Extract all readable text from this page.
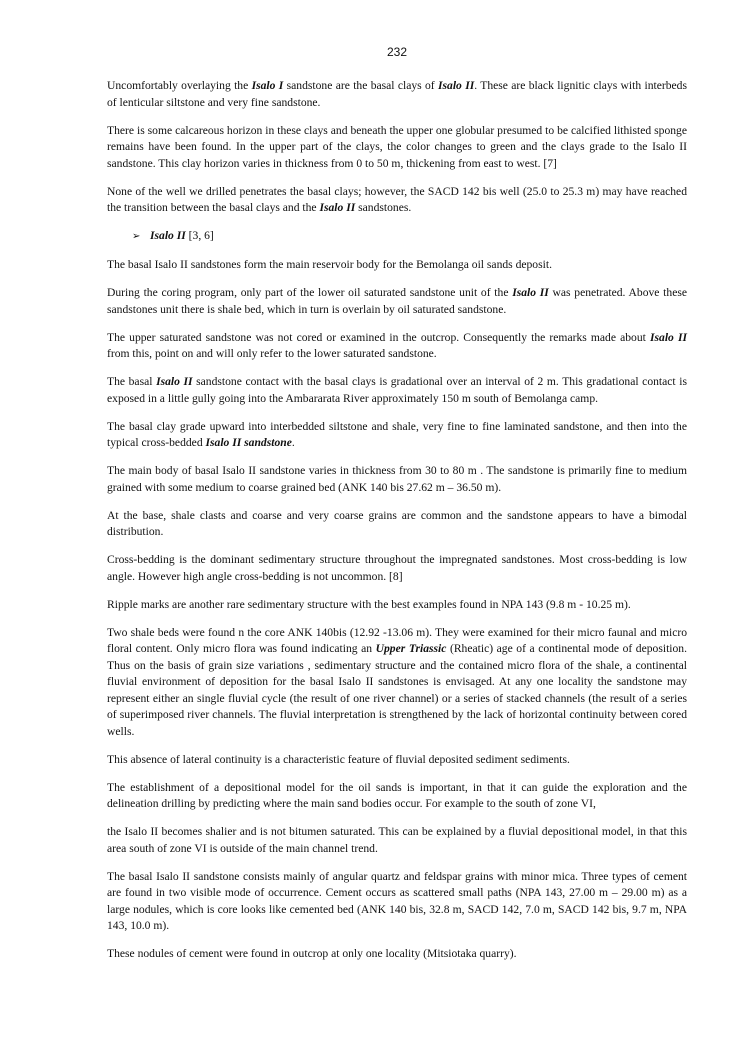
232

Uncomfortably overlaying the Isalo I sandstone are the basal clays of Isalo II. These are black lignitic clays with interbeds of lenticular siltstone and very fine sandstone.

There is some calcareous horizon in these clays and beneath the upper one globular presumed to be calcified lithisted sponge remains have been found. In the upper part of the clays, the color changes to green and the clays grade to the Isalo II sandstone. This clay horizon varies in thickness from 0 to 50 m, thickening from east to west. [7]

None of the well we drilled penetrates the basal clays; however, the SACD 142 bis well (25.0 to 25.3 m) may have reached the transition between the basal clays and the Isalo II sandstones.

➢ Isalo II [3, 6]

The basal Isalo II sandstones form the main reservoir body for the Bemolanga oil sands deposit.

During the coring program, only part of the lower oil saturated sandstone unit of the Isalo II was penetrated. Above these sandstones unit there is shale bed, which in turn is overlain by oil saturated sandstone.

The upper saturated sandstone was not cored or examined in the outcrop. Consequently the remarks made about Isalo II from this, point on and will only refer to the lower saturated sandstone.

The basal Isalo II sandstone contact with the basal clays is gradational over an interval of 2 m. This gradational contact is exposed in a little gully going into the Ambararata River approximately 150 m south of Bemolanga camp.

The basal clay grade upward into interbedded siltstone and shale, very fine to fine laminated sandstone, and then into the typical cross-bedded Isalo II sandstone.

The main body of basal Isalo II sandstone varies in thickness from 30 to 80 m . The sandstone is primarily fine to medium grained with some medium to coarse grained bed (ANK 140 bis 27.62 m – 36.50 m).

At the base, shale clasts and coarse and very coarse grains are common and the sandstone appears to have a bimodal distribution.

Cross-bedding is the dominant sedimentary structure throughout the impregnated sandstones. Most cross-bedding is low angle. However high angle cross-bedding is not uncommon. [8]

Ripple marks are another rare sedimentary structure with the best examples found in NPA 143 (9.8 m - 10.25 m).

Two shale beds were found n the core ANK 140bis (12.92 -13.06 m). They were examined for their micro faunal and micro floral content. Only micro flora was found indicating an Upper Triassic (Rheatic) age of a continental mode of deposition. Thus on the basis of grain size variations , sedimentary structure and the contained micro flora of the shale, a continental fluvial environment of deposition for the basal Isalo II sandstones is envisaged. At any one locality the sandstone may represent either an single fluvial cycle (the result of one river channel) or a series of stacked channels (the result of a series of superimposed river channels. The fluvial interpretation is strengthened by the lack of horizontal continuity between cored wells.

This absence of lateral continuity is a characteristic feature of fluvial deposited sediment sediments.

The establishment of a depositional model for the oil sands is important, in that it can guide the exploration and the delineation drilling by predicting where the main sand bodies occur. For example to the south of zone VI,

the Isalo II becomes shalier and is not bitumen saturated. This can be explained by a fluvial depositional model, in that this area south of zone VI is outside of the main channel trend.

The basal Isalo II sandstone consists mainly of angular quartz and feldspar grains with minor mica. Three types of cement are found in two visible mode of occurrence. Cement occurs as scattered small paths (NPA 143, 27.00 m – 29.00 m) as a large nodules, which is core looks like cemented bed (ANK 140 bis, 32.8 m, SACD 142, 7.0 m, SACD 142 bis, 9.7 m, NPA 143, 10.0 m).

These nodules of cement were found in outcrop at only one locality (Mitsiotaka quarry).
